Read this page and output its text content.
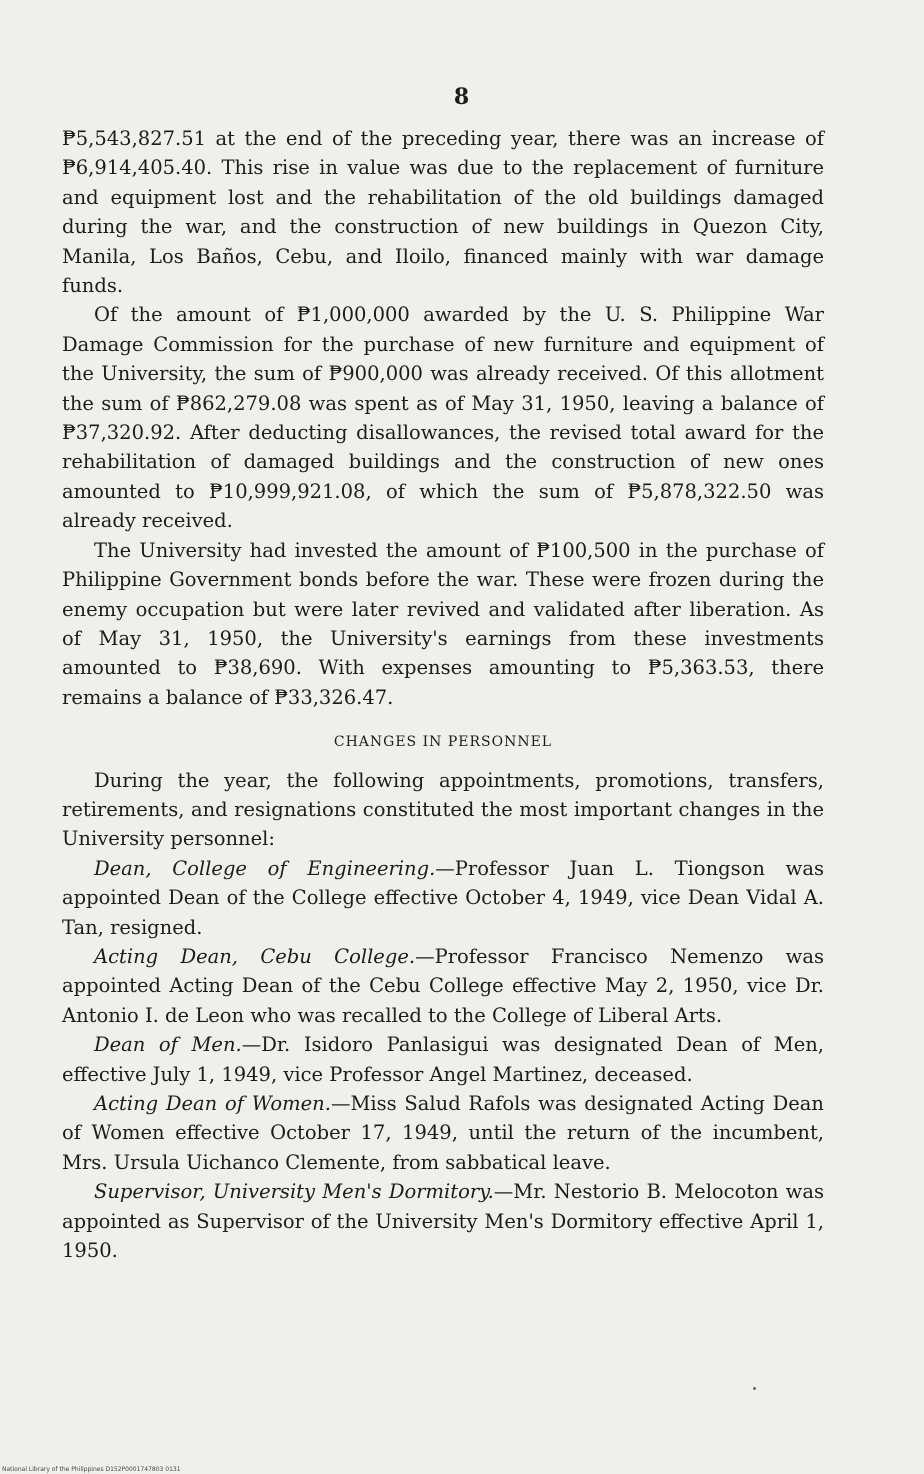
8

₱5,543,827.51 at the end of the preceding year, there was an increase of ₱6,914,405.40. This rise in value was due to the replacement of furniture and equipment lost and the rehabilitation of the old buildings damaged during the war, and the construction of new buildings in Quezon City, Manila, Los Baños, Cebu, and Iloilo, financed mainly with war damage funds.

Of the amount of ₱1,000,000 awarded by the U. S. Philippine War Damage Commission for the purchase of new furniture and equipment of the University, the sum of ₱900,000 was already received. Of this allotment the sum of ₱862,279.08 was spent as of May 31, 1950, leaving a balance of ₱37,320.92. After deducting disallowances, the revised total award for the rehabilitation of damaged buildings and the construction of new ones amounted to ₱10,999,921.08, of which the sum of ₱5,878,322.50 was already received.

The University had invested the amount of ₱100,500 in the purchase of Philippine Government bonds before the war. These were frozen during the enemy occupation but were later revived and validated after liberation. As of May 31, 1950, the University's earnings from these investments amounted to ₱38,690. With expenses amounting to ₱5,363.53, there remains a balance of ₱33,326.47.

CHANGES IN PERSONNEL

During the year, the following appointments, promotions, transfers, retirements, and resignations constituted the most important changes in the University personnel:

Dean, College of Engineering.—Professor Juan L. Tiongson was appointed Dean of the College effective October 4, 1949, vice Dean Vidal A. Tan, resigned.

Acting Dean, Cebu College.—Professor Francisco Nemenzo was appointed Acting Dean of the Cebu College effective May 2, 1950, vice Dr. Antonio I. de Leon who was recalled to the College of Liberal Arts.

Dean of Men.—Dr. Isidoro Panlasigui was designated Dean of Men, effective July 1, 1949, vice Professor Angel Martinez, deceased.

Acting Dean of Women.—Miss Salud Rafols was designated Acting Dean of Women effective October 17, 1949, until the return of the incumbent, Mrs. Ursula Uichanco Clemente, from sabbatical leave.

Supervisor, University Men's Dormitory.—Mr. Nestorio B. Melocoton was appointed as Supervisor of the University Men's Dormitory effective April 1, 1950.

National Library of the Philippines D152P0001747803 0131
